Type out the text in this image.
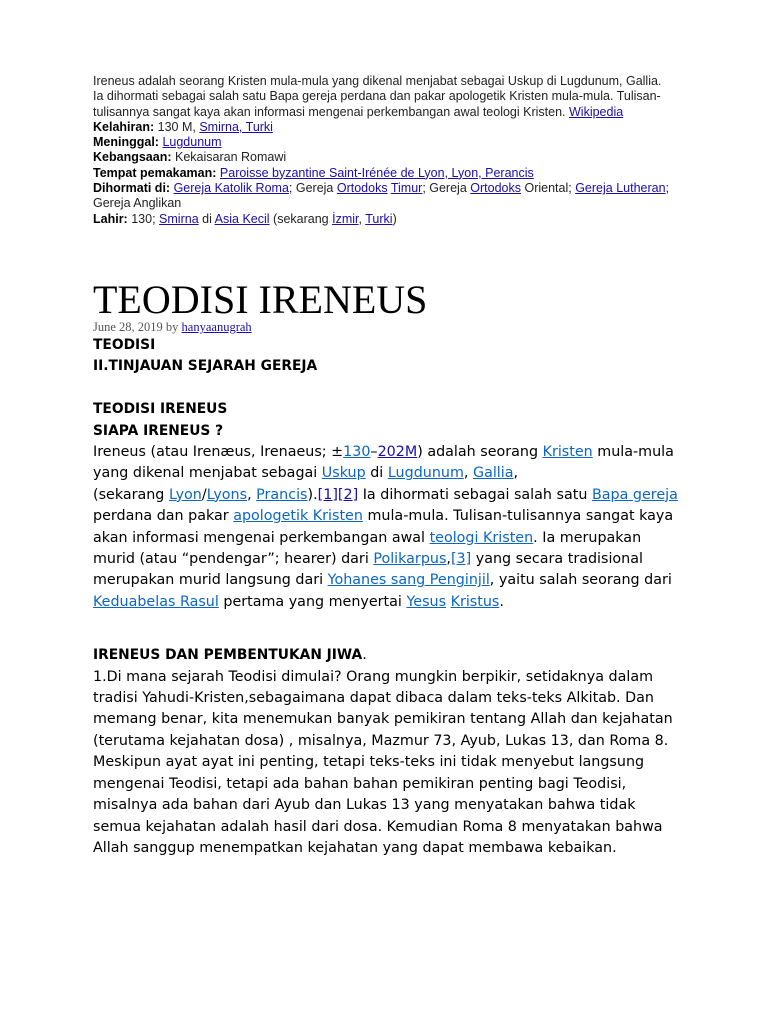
Ireneus adalah seorang Kristen mula-mula yang dikenal menjabat sebagai Uskup di Lugdunum, Gallia. Ia dihormati sebagai salah satu Bapa gereja perdana dan pakar apologetik Kristen mula-mula. Tulisan-tulisannya sangat kaya akan informasi mengenai perkembangan awal teologi Kristen. Wikipedia

Kelahiran: 130 M, Smirna, Turki

Meninggal: Lugdunum

Kebangsaan: Kekaisaran Romawi

Tempat pemakaman: Paroisse byzantine Saint-Irénée de Lyon, Lyon, Perancis

Dihormati di: Gereja Katolik Roma; Gereja Ortodoks Timur; Gereja Ortodoks Oriental; Gereja Lutheran; Gereja Anglikan

Lahir: 130; Smirna di Asia Kecil (sekarang İzmir, Turki)

TEODISI IRENEUS
June 28, 2019 by hanyaanugrah

TEODISI

II.TINJAUAN SEJARAH GEREJA

TEODISI IRENEUS

SIAPA IRENEUS ?

Ireneus (atau Irenæus, Irenaeus; ±130–202M) adalah seorang Kristen mula-mula yang dikenal menjabat sebagai Uskup di Lugdunum, Gallia,
(sekarang Lyon/Lyons, Prancis).[1][2] Ia dihormati sebagai salah satu Bapa gereja perdana dan pakar apologetik Kristen mula-mula. Tulisan-tulisannya sangat kaya akan informasi mengenai perkembangan awal teologi Kristen. Ia merupakan murid (atau “pendengar”; hearer) dari Polikarpus,[3] yang secara tradisional merupakan murid langsung dari Yohanes sang Penginjil, yaitu salah seorang dari Keduabelas Rasul pertama yang menyertai Yesus Kristus.

IRENEUS DAN PEMBENTUKAN JIWA.

1.Di mana sejarah Teodisi dimulai? Orang mungkin berpikir, setidaknya dalam tradisi Yahudi-Kristen,sebagaimana dapat dibaca dalam teks-teks Alkitab. Dan memang benar, kita menemukan banyak pemikiran tentang Allah dan kejahatan (terutama kejahatan dosa) , misalnya, Mazmur 73, Ayub, Lukas 13, dan Roma 8. Meskipun ayat ayat ini penting, tetapi teks-teks ini tidak menyebut langsung mengenai Teodisi, tetapi ada bahan bahan pemikiran penting bagi Teodisi, misalnya ada bahan dari Ayub dan Lukas 13 yang menyatakan bahwa tidak semua kejahatan adalah hasil dari dosa. Kemudian Roma 8 menyatakan bahwa Allah sanggup menempatkan kejahatan yang dapat membawa kebaikan.
